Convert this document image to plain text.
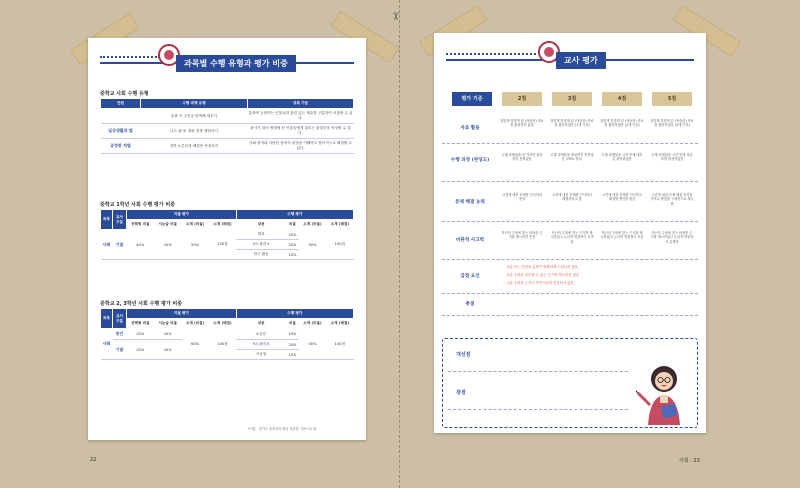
✂
과목별 수행 유형과 평가 비중
중학교 사회 수행 유형
단원	수행 과제 유형	성취 기준
	통화 속 주인공 탐색해 세우기	통화에 등장하는 인물들과 관련 있는 제유를 구분하여 서술할 수 있다.
일상생활과 법	나도 판사! 재판 현장 체험하기	판사가 되어 합법에 선 인물들에게 내리는 판결문을 작성할 수 있다.
공정한 처벌	찬반 토론문과 해결안 작성하기	사회 현저와 다양한 용어의 관점을 이해하고 합리적으로 해결할 수 있다.
중학교 1학년 사회 수행 평가 비중
과목	교사 구분	지필 평가				수행 평가			
		선택형 비율	서논술 비율	소계 (비율)	소계 (배점)	내용	비율	소계 (비율)	소계 (배점)
사회	기말	40%	10%	50%	100점	발표	20%	50%	100점
						포트폴리오	20%		
						탐구 활동	10%		
중학교 2, 3학년 사회 수행 평가 비중
과목	교사 구분	지필 평가				수행 평가			
		선택형 비율	서논술 비율	소계 (비율)	소계 (배점)	내용	비율	소계 (비율)	소계 (배점)
사회	중간	20%	10%	60%	100점	소감문	10%	40%	100점
	기말	20%	10%			포트폴리오	20%		
						서술형	10%		
*서울 · 경기도 중학교의 평균 비중을 기준으로 함
22
교사 평가
평가 기준	2점	3점	4점	5점
자료 활용
알맞게 알맞게 된 (학습한) 자료를 활용하지 않음
알맞게 알맞게 된 (학습한) 자료를 활용하였음 (1개 이상)
알맞게 알맞게 된 (학습한) 자료를 활용하였음 (2개 이상)
알맞게 알맞게 된 (학습한) 자료를 활용하였음 (3개 이상)
수행 과정 (완성도)
수행 과제물을 한 가지만 완성하지 못하였음
수행 과제물을 완성하지 못하였음 (70% 정도)
수행 과제물을 시간 안에 대부분 완성하였음
수행 과제물을 시간 안에 성실하게 완성하였음
문제 해결 능력
시간에 대한 문제를 인식하지 못함
시간에 대한 문제를 인식하고 해결하려고 함
시간에 대한 문제를 인식하고 해결할 방안을 찾음
시간에 대한 문제 해결 의지를 가지고 방법을 구체적으로 제시함
비판적 사고력
자신의 주장에 맞는 타당한 근거를 제시하지 못함
자신의 주장에 맞는 근거를 제시하였고 논리적 연관성이 부족함
자신의 주장에 맞는 근거를 제시하였고 논리적 연관성이 보임
자신의 주장에 맞는 타당한 근거를 제시하였고 논리적 연관성이 분명함
감점 요인
-3점 이느 단원의 입장이 명확하게 드러나지 않음
-2점 주장을 입증할 수 있는 근거를 제시하지 않음
-1점 주장과 근거가 자연스럽게 연결되지 않음
총점
개선점
장점
사회 · 23
